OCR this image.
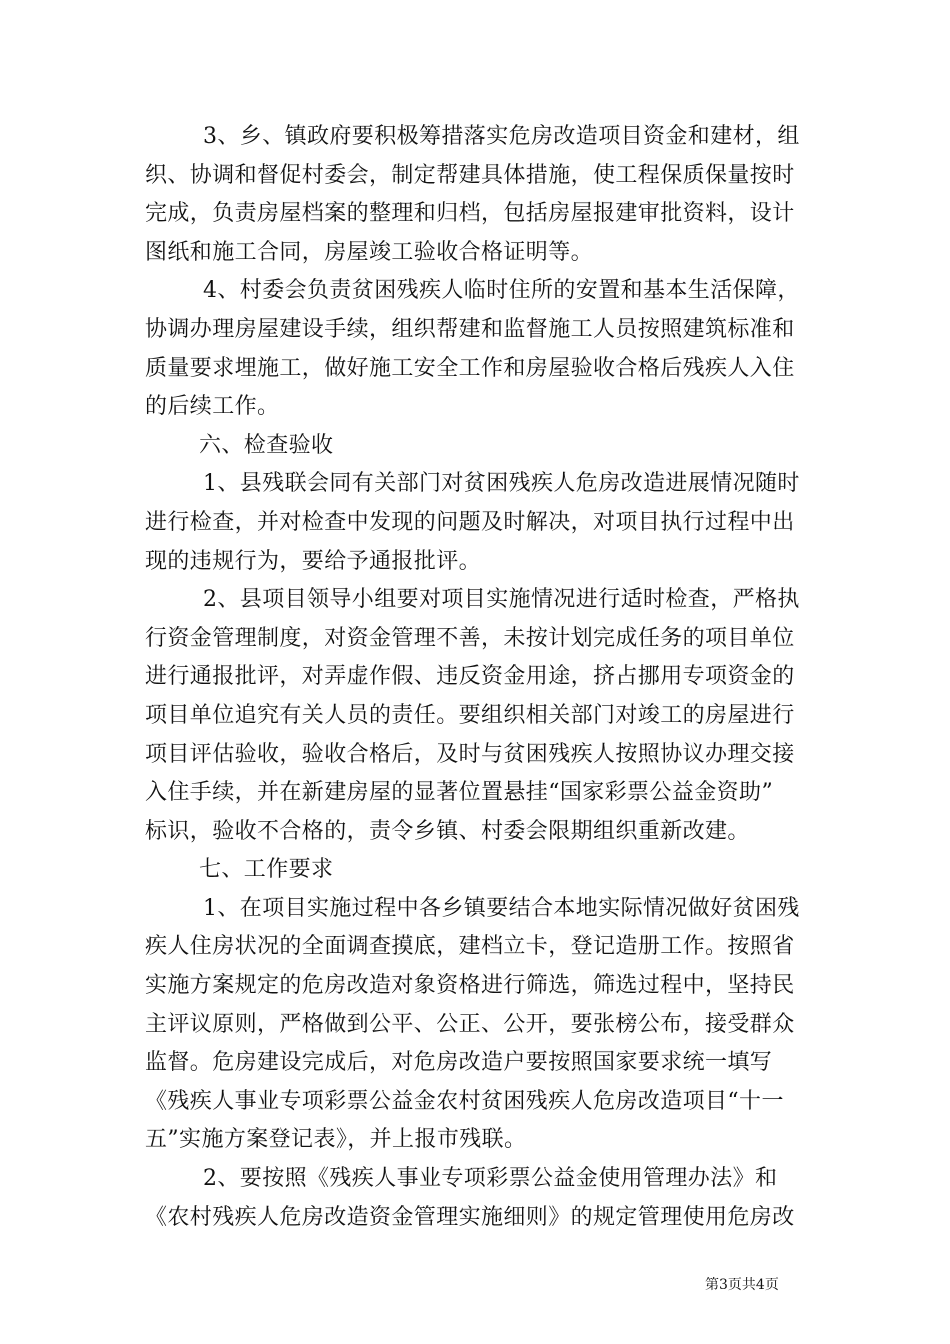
3、乡、镇政府要积极筹措落实危房改造项目资金和建材，组
织、协调和督促村委会，制定帮建具体措施，使工程保质保量按时
完成，负责房屋档案的整理和归档，包括房屋报建审批资料，设计
图纸和施工合同，房屋竣工验收合格证明等。
4、村委会负责贫困残疾人临时住所的安置和基本生活保障，
协调办理房屋建设手续，组织帮建和监督施工人员按照建筑标准和
质量要求埋施工，做好施工安全工作和房屋验收合格后残疾人入住
的后续工作。
六、检查验收
1、县残联会同有关部门对贫困残疾人危房改造进展情况随时
进行检查，并对检查中发现的问题及时解决，对项目执行过程中出
现的违规行为，要给予通报批评。
2、县项目领导小组要对项目实施情况进行适时检查，严格执
行资金管理制度，对资金管理不善，未按计划完成任务的项目单位
进行通报批评，对弄虚作假、违反资金用途，挤占挪用专项资金的
项目单位追究有关人员的责任。要组织相关部门对竣工的房屋进行
项目评估验收，验收合格后，及时与贫困残疾人按照协议办理交接
入住手续，并在新建房屋的显著位置悬挂“国家彩票公益金资助”
标识，验收不合格的，责令乡镇、村委会限期组织重新改建。
七、工作要求
1、在项目实施过程中各乡镇要结合本地实际情况做好贫困残
疾人住房状况的全面调查摸底，建档立卡，登记造册工作。按照省
实施方案规定的危房改造对象资格进行筛选，筛选过程中，坚持民
主评议原则，严格做到公平、公正、公开，要张榜公布，接受群众
监督。危房建设完成后，对危房改造户要按照国家要求统一填写
《残疾人事业专项彩票公益金农村贫困残疾人危房改造项目“十一
五”实施方案登记表》，并上报市残联。
2、要按照《残疾人事业专项彩票公益金使用管理办法》和
《农村残疾人危房改造资金管理实施细则》的规定管理使用危房改
第3页共4页
